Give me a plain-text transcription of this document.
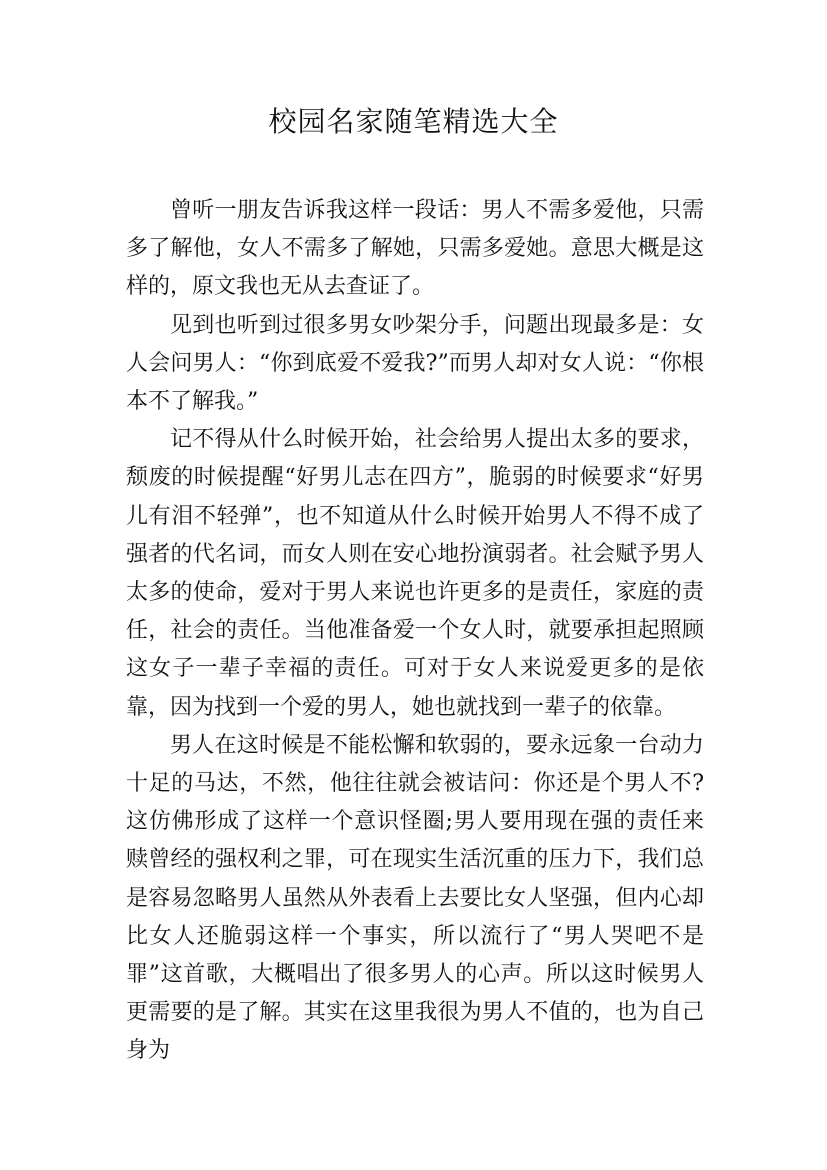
校园名家随笔精选大全

曾听一朋友告诉我这样一段话：男人不需多爱他，只需多了解他，女人不需多了解她，只需多爱她。意思大概是这样的，原文我也无从去查证了。

见到也听到过很多男女吵架分手，问题出现最多是：女人会问男人：“你到底爱不爱我?”而男人却对女人说：“你根本不了解我。”

记不得从什么时候开始，社会给男人提出太多的要求，颓废的时候提醒“好男儿志在四方”，脆弱的时候要求“好男儿有泪不轻弹”，也不知道从什么时候开始男人不得不成了强者的代名词，而女人则在安心地扮演弱者。社会赋予男人太多的使命，爱对于男人来说也许更多的是责任，家庭的责任，社会的责任。当他准备爱一个女人时，就要承担起照顾这女子一辈子幸福的责任。可对于女人来说爱更多的是依靠，因为找到一个爱的男人，她也就找到一辈子的依靠。

男人在这时候是不能松懈和软弱的，要永远象一台动力十足的马达，不然，他往往就会被诘问：你还是个男人不?这仿佛形成了这样一个意识怪圈;男人要用现在强的责任来赎曾经的强权利之罪，可在现实生活沉重的压力下，我们总是容易忽略男人虽然从外表看上去要比女人坚强，但内心却比女人还脆弱这样一个事实，所以流行了“男人哭吧不是罪”这首歌，大概唱出了很多男人的心声。所以这时候男人更需要的是了解。其实在这里我很为男人不值的，也为自己身为
